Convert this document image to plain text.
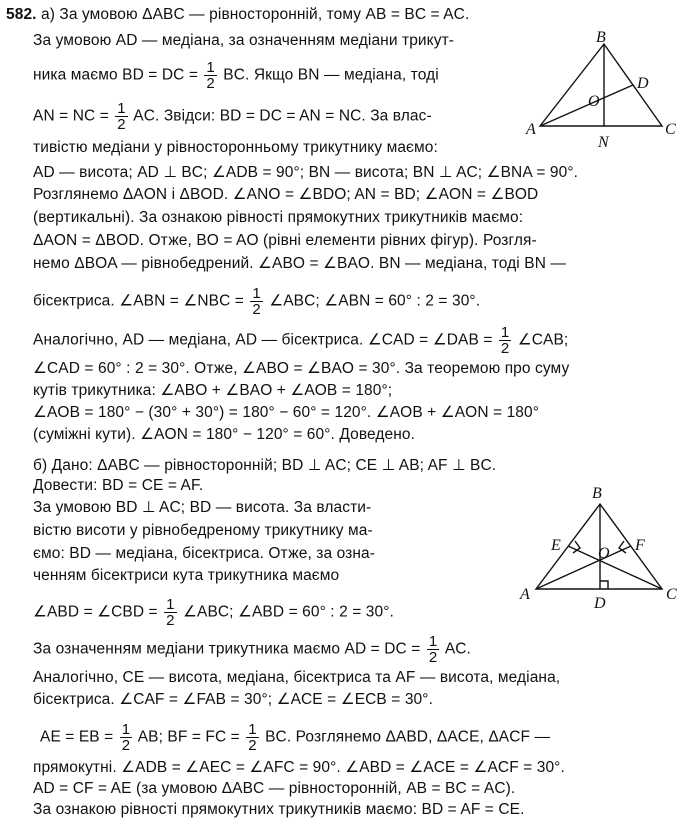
582. а) За умовою ΔABC — рівносторонній, тому AB = BC = AC.
За умовою AD — медіана, за означенням медіани трикут-
ника маємо BD = DC = $\frac{1}{2}$ BC. Якщо BN — медіана, тоді
AN = NC = $\frac{1}{2}$ AC. Звідси: BD = DC = AN = NC. За влас-
тивістю медіани у рівносторонньому трикутнику маємо:
AD — висота; AD ⊥ BC; ∠ADB = 90°; BN — висота; BN ⊥ AC; ∠BNA = 90°.
Розглянемо ΔAON і ΔBOD. ∠ANO = ∠BDO; AN = BD; ∠AON = ∠BOD
(вертикальні). За ознакою рівності прямокутних трикутників маємо:
ΔAON = ΔBOD. Отже, BO = AO (рівні елементи рівних фігур). Розгля-
немо ΔBOA — рівнобедрений. ∠ABO = ∠BAO. BN — медіана, тоді BN —
бісектриса. ∠ABN = ∠NBC = $\frac{1}{2}$ ∠ABC; ∠ABN = 60° : 2 = 30°.
Аналогічно, AD — медіана, AD — бісектриса. ∠CAD = ∠DAB = $\frac{1}{2}$ ∠CAB;
∠CAD = 60° : 2 = 30°. Отже, ∠ABO = ∠BAO = 30°. За теоремою про суму
кутів трикутника: ∠ABO + ∠BAO + ∠AOB = 180°;
∠AOB = 180° − (30° + 30°) = 180° − 60° = 120°. ∠AOB + ∠AON = 180°
(суміжні кути). ∠AON = 180° − 120° = 60°. Доведено.
б) Дано: ΔABC — рівносторонній; BD ⊥ AC; CE ⊥ AB; AF ⊥ BC.
Довести: BD = CE = AF.
За умовою BD ⊥ AC; BD — висота. За власти-
вістю висоти у рівнобедреному трикутнику ма-
ємо: BD — медіана, бісектриса. Отже, за озна-
ченням бісектриси кута трикутника маємо
∠ABD = ∠CBD = $\frac{1}{2}$ ∠ABC; ∠ABD = 60° : 2 = 30°.
За означенням медіани трикутника маємо AD = DC = $\frac{1}{2}$ AC.
Аналогічно, CE — висота, медіана, бісектриса та AF — висота, медіана,
бісектриса. ∠CAF = ∠FAB = 30°; ∠ACE = ∠ECB = 30°.
AE = EB = $\frac{1}{2}$ AB; BF = FC = $\frac{1}{2}$ BC. Розглянемо ΔABD, ΔACE, ΔACF —
прямокутні. ∠ADB = ∠AEC = ∠AFC = 90°. ∠ABD = ∠ACE = ∠ACF = 30°.
AD = CF = AE (за умовою ΔABC — рівносторонній, AB = BC = AC).
За ознакою рівності прямокутних трикутників маємо: BD = AF = CE.
B
D
O
A
N
C
B
E O F
A
D
C
